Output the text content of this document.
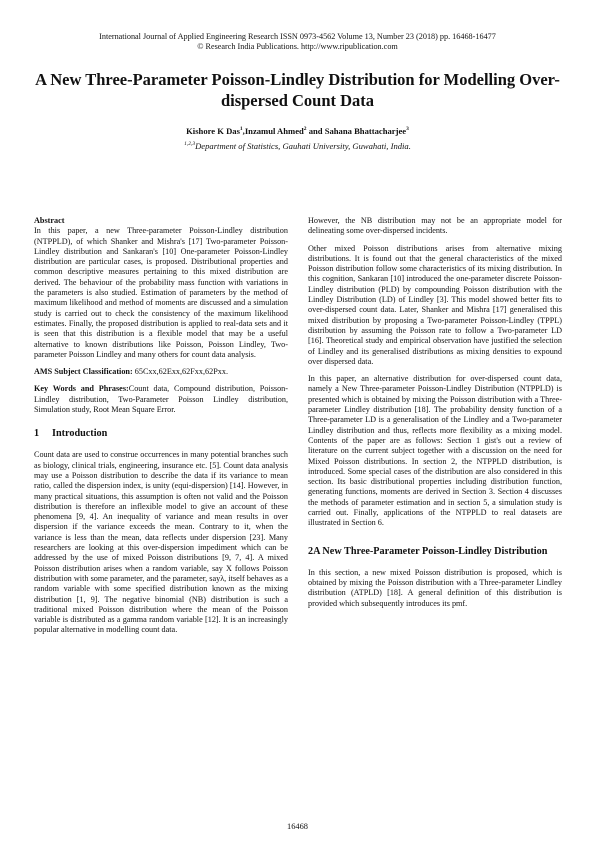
International Journal of Applied Engineering Research ISSN 0973-4562 Volume 13, Number 23 (2018) pp. 16468-16477
© Research India Publications. http://www.ripublication.com
A New Three-Parameter Poisson-Lindley Distribution for Modelling Over-dispersed Count Data
Kishore K Das$^1$,Inzamul Ahmed$^2$ and Sahana Bhattacharjee$^3$
$^{1,2,3}$Department of Statistics, Gauhati University, Guwahati, India.
Abstract

In this paper, a new Three-parameter Poisson-Lindley distribution (NTPPLD), of which Shanker and Mishra's [17] Two-parameter Poisson-Lindley distribution and Sankaran's [10] One-parameter Poisson-Lindley distribution are particular cases, is proposed. Distributional properties and common descriptive measures pertaining to this mixed distribution are derived. The behaviour of the probability mass function with variations in the parameters is also studied. Estimation of parameters by the method of maximum likelihood and method of moments are discussed and a simulation study is carried out to check the consistency of the maximum likelihood estimates. Finally, the proposed distribution is applied to real-data sets and it is seen that this distribution is a flexible model that may be a useful alternative to known distributions like Poisson, Poisson Lindley, Two-parameter Poisson Lindley and many others for count data analysis.

AMS Subject Classification: 65Cxx,62Exx,62Fxx,62Pxx.

Key Words and Phrases:Count data, Compound distribution, Poisson-Lindley distribution, Two-Parameter Poisson Lindley distribution, Simulation study, Root Mean Square Error.

1 Introduction

Count data are used to construe occurrences in many potential branches such as biology, clinical trials, engineering, insurance etc. [5]. Count data analysis may use a Poisson distribution to describe the data if its variance to mean ratio, called the dispersion index, is unity (equi-dispersion) [14]. However, in many practical situations, this assumption is often not valid and the Poisson distribution is therefore an inflexible model to give an account of these phenomena [9, 4]. An inequality of variance and mean results in over dispersion if the variance exceeds the mean. Contrary to it, when the variance is less than the mean, data reflects under dispersion [23]. Many researchers are looking at this over-dispersion impediment which can be addressed by the use of mixed Poisson distributions [9, 7, 4]. A mixed Poisson distribution arises when a random variable, say X follows Poisson distribution with some parameter, and the parameter, sayλ, itself behaves as a random variable with some specified distribution known as the mixing distribution [1, 9]. The negative binomial (NB) distribution is such a traditional mixed Poisson distribution where the mean of the Poisson variable is distributed as a gamma random variable [12]. It is an increasingly popular alternative in modelling count data.

However, the NB distribution may not be an appropriate model for delineating some over-dispersed incidents.

Other mixed Poisson distributions arises from alternative mixing distributions. It is found out that the general characteristics of the mixed Poisson distribution follow some characteristics of its mixing distribution. In this cognition, Sankaran [10] introduced the one-parameter discrete Poisson-Lindley distribution (PLD) by compounding Poisson distribution with the Lindley Distribution (LD) of Lindley [3]. This model showed better fits to over-dispersed count data. Later, Shanker and Mishra [17] generalised this mixed distribution by proposing a Two-parameter Poisson-Lindley (TPPL) distribution by assuming the Poisson rate to follow a Two-parameter LD [16]. Theoretical study and empirical observation have justified the selection of Lindley and its generalised distributions as mixing densities to expound over dispersed data.

In this paper, an alternative distribution for over-dispersed count data, namely a New Three-parameter Poisson-Lindley Distribution (NTPPLD) is presented which is obtained by mixing the Poisson distribution with a Three-parameter Lindley distribution [18]. The probability density function of a Three-parameter LD is a generalisation of the Lindley and a Two-parameter Lindley distribution and thus, reflects more flexibility as a mixing model. Contents of the paper are as follows: Section 1 gist's out a review of literature on the current subject together with a discussion on the need for Mixed Poisson distributions. In section 2, the NTPPLD distribution, is introduced. Some special cases of the distribution are also considered in this section. Its basic distributional properties including distribution function, generating functions, moments are derived in Section 3. Section 4 discusses the methods of parameter estimation and in section 5, a simulation study is carried out. Finally, applications of the NTPPLD to real datasets are illustrated in Section 6.

2A New Three-Parameter Poisson-Lindley Distribution

In this section, a new mixed Poisson distribution is proposed, which is obtained by mixing the Poisson distribution with a Three-parameter Lindley distribution (ATPLD) [18]. A general definition of this distribution is provided which subsequently introduces its pmf.

16468
